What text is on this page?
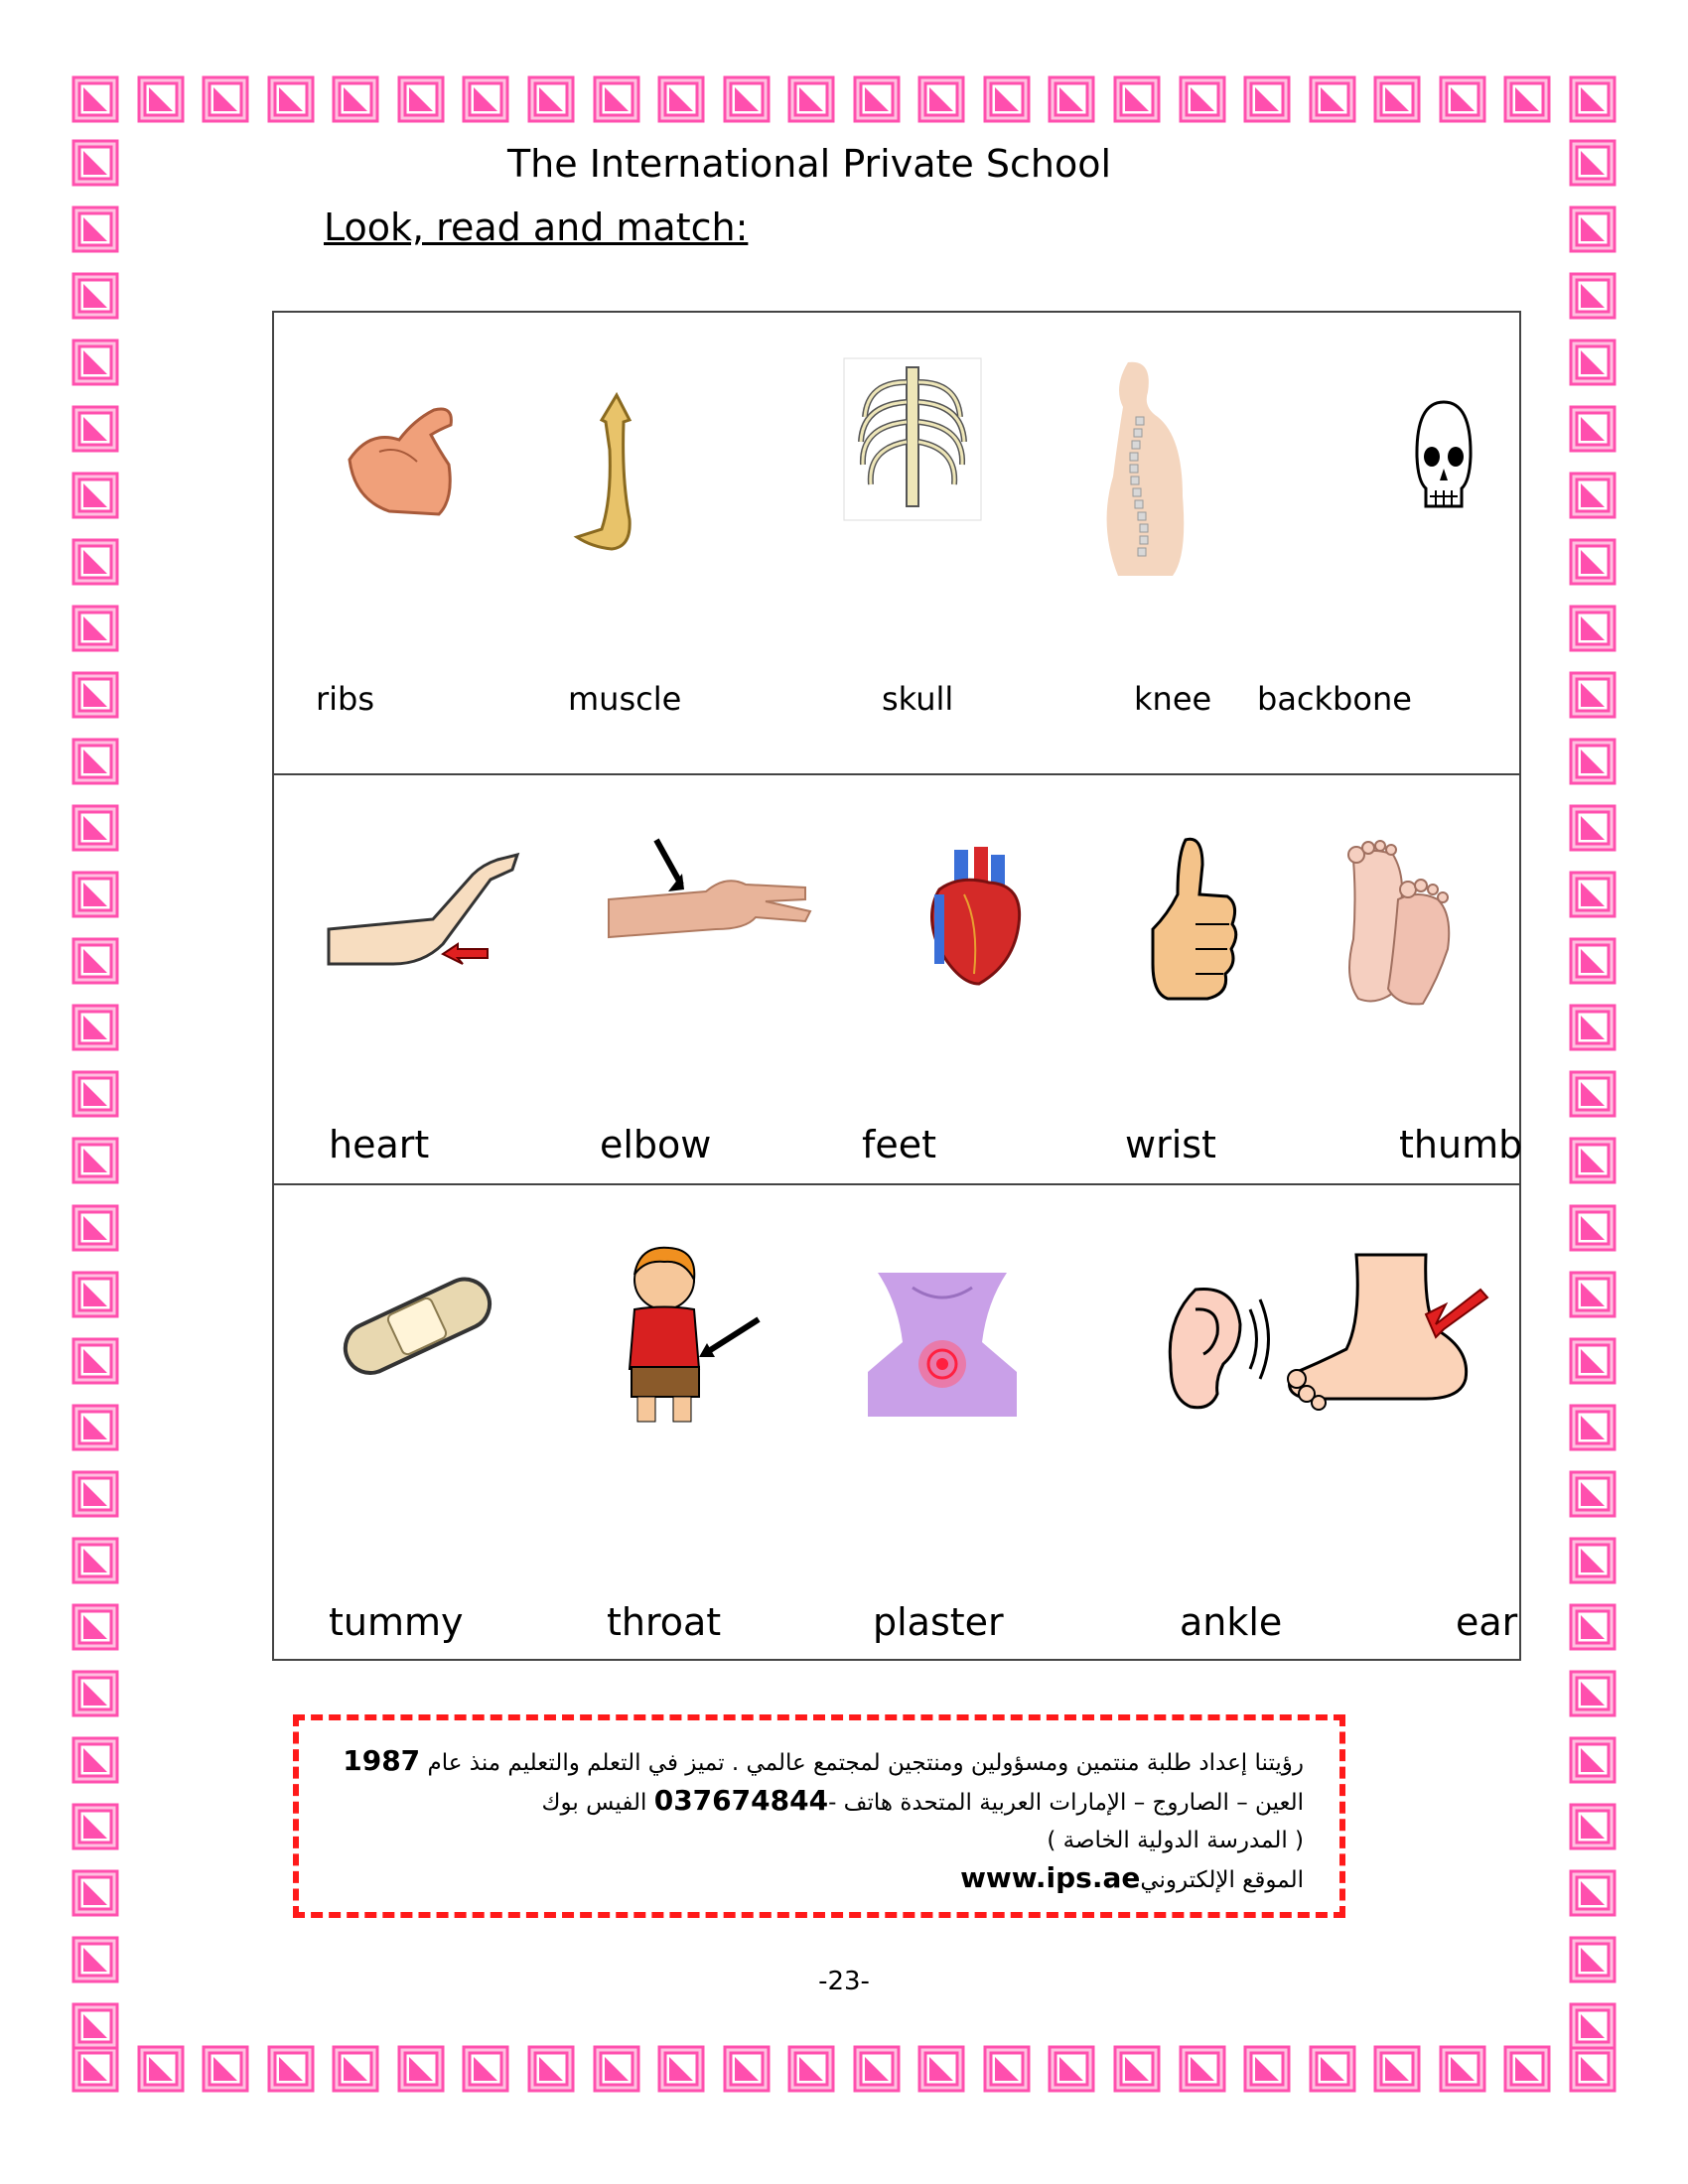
The International Private School
Look, read and match:
ribs	muscle	skull	knee backbone
heart	elbow	feet	wrist	thumb
tummy	throat	plaster	ankle	ear
رؤيتنا إعداد طلبة منتمين ومسؤولين ومنتجين لمجتمع عالمي . تميز في التعلم والتعليم منذ عام 1987
العين – الصاروج – الإمارات العربية المتحدة هاتف -037674844 الفيس بوك
( المدرسة الدولية الخاصة )
الموقع الإلكترونيwww.ips.ae
-23-
